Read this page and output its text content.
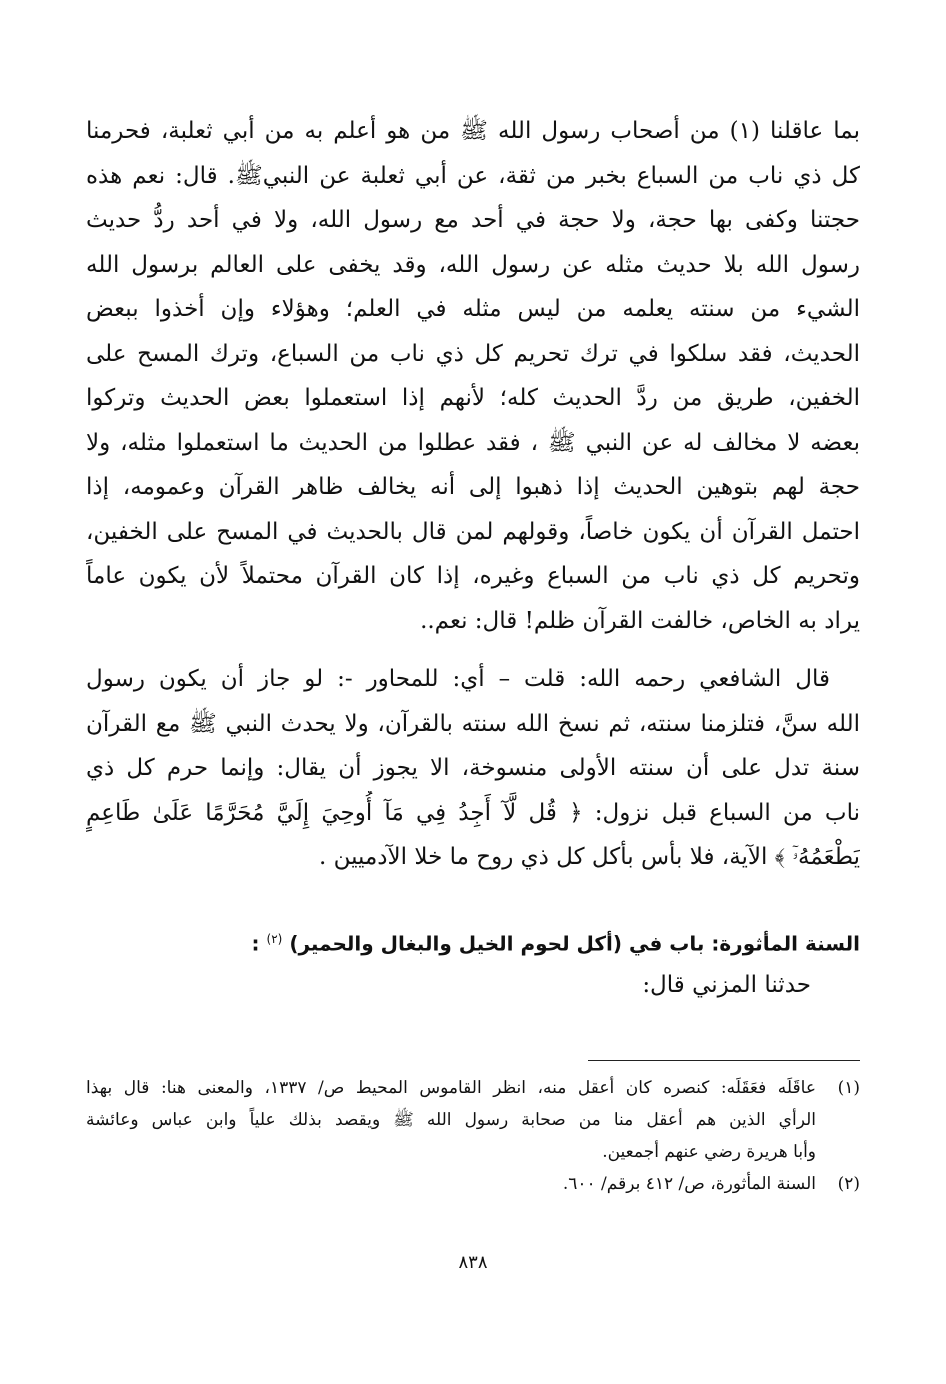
بما عاقلنا (١) من أصحاب رسول الله ﷺ من هو أعلم به من أبي ثعلبة، فحرمنا
كل ذي ناب من السباع بخبر من ثقة، عن أبي ثعلبة عن النبيﷺ. قال: نعم هذه
حجتنا وكفى بها حجة، ولا حجة في أحد مع رسول الله، ولا في أحد ردُّ حديث
رسول الله بلا حديث مثله عن رسول الله، وقد يخفى على العالم برسول الله
الشيء من سنته يعلمه من ليس مثله في العلم؛ وهؤلاء وإن أخذوا ببعض
الحديث، فقد سلكوا في ترك تحريم كل ذي ناب من السباع، وترك المسح على
الخفين، طريق من ردَّ الحديث كله؛ لأنهم إذا استعملوا بعض الحديث وتركوا
بعضه لا مخالف له عن النبي ﷺ ، فقد عطلوا من الحديث ما استعملوا مثله، ولا
حجة لهم بتوهين الحديث إذا ذهبوا إلى أنه يخالف ظاهر القرآن وعمومه، إذا
احتمل القرآن أن يكون خاصاً، وقولهم لمن قال بالحديث في المسح على الخفين،
وتحريم كل ذي ناب من السباع وغيره، إذا كان القرآن محتملاً لأن يكون عاماً
يراد به الخاص، خالفت القرآن ظلم! قال: نعم..
قال الشافعي رحمه الله: قلت – أي: للمحاور -: لو جاز أن يكون رسول
الله سنَّ، فتلزمنا سنته، ثم نسخ الله سنته بالقرآن، ولا يحدث النبي ﷺ مع القرآن
سنة تدل على أن سنته الأولى منسوخة، الا يجوز أن يقال: وإنما حرم كل ذي
ناب من السباع قبل نزول: ﴿ قُل لَّآ أَجِدُ فِي مَآ أُوحِيَ إِلَيَّ مُحَرَّمًا عَلَىٰ طَاعِمٍ
يَطْعَمُهُۥٓ ﴾ الآية، فلا بأس بأكل كل ذي روح ما خلا الآدميين .
السنة المأثورة: باب في (أكل لحوم الخيل والبغال والحمير) $^{(٢)}$ :
حدثنا المزني قال:
(١)عاقَلَه فعَقَلَه: كنصره كان أعقل منه، انظر القاموس المحيط ص/ ١٣٣٧، والمعنى هنا: قال بهذا
الرأي الذين هم أعقل منا من صحابة رسول الله ﷺ ويقصد بذلك علياً وابن عباس وعائشة
وأبا هريرة رضي عنهم أجمعين.
(٢)السنة المأثورة، ص/ ٤١٢ برقم/ ٦٠٠.
٨٣٨
